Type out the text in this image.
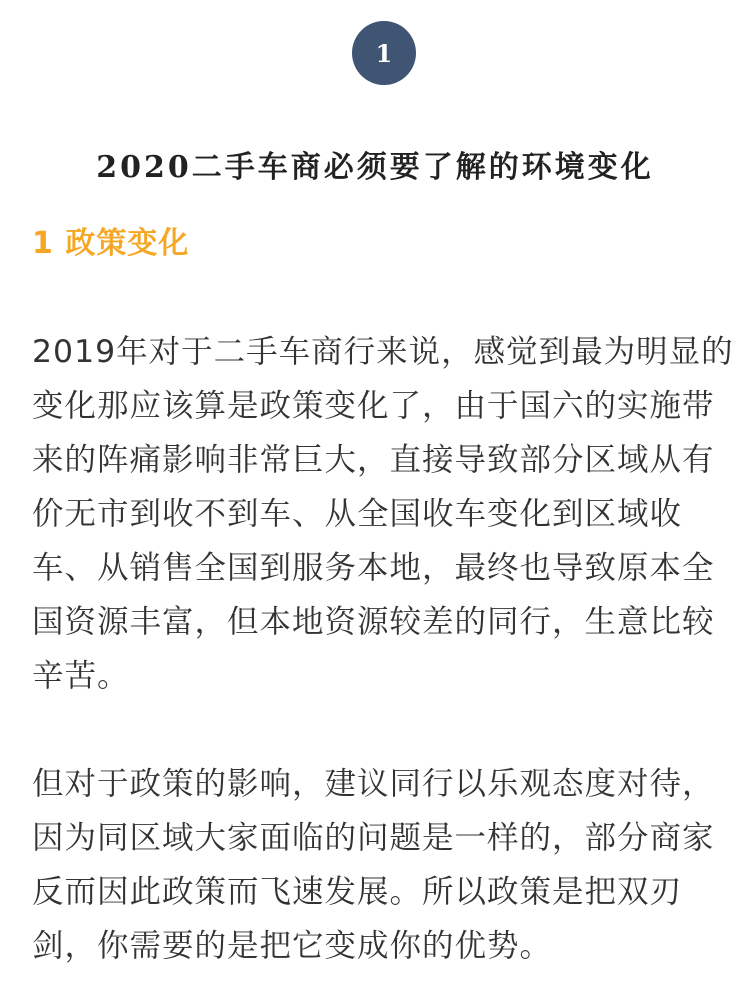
1
2020二手车商必须要了解的环境变化
1 政策变化

2019年对于二手车商行来说，感觉到最为明显的
变化那应该算是政策变化了，由于国六的实施带
来的阵痛影响非常巨大，直接导致部分区域从有
价无市到收不到车、从全国收车变化到区域收
车、从销售全国到服务本地，最终也导致原本全
国资源丰富，但本地资源较差的同行，生意比较
辛苦。

但对于政策的影响，建议同行以乐观态度对待，
因为同区域大家面临的问题是一样的，部分商家
反而因此政策而飞速发展。所以政策是把双刃
剑，你需要的是把它变成你的优势。
